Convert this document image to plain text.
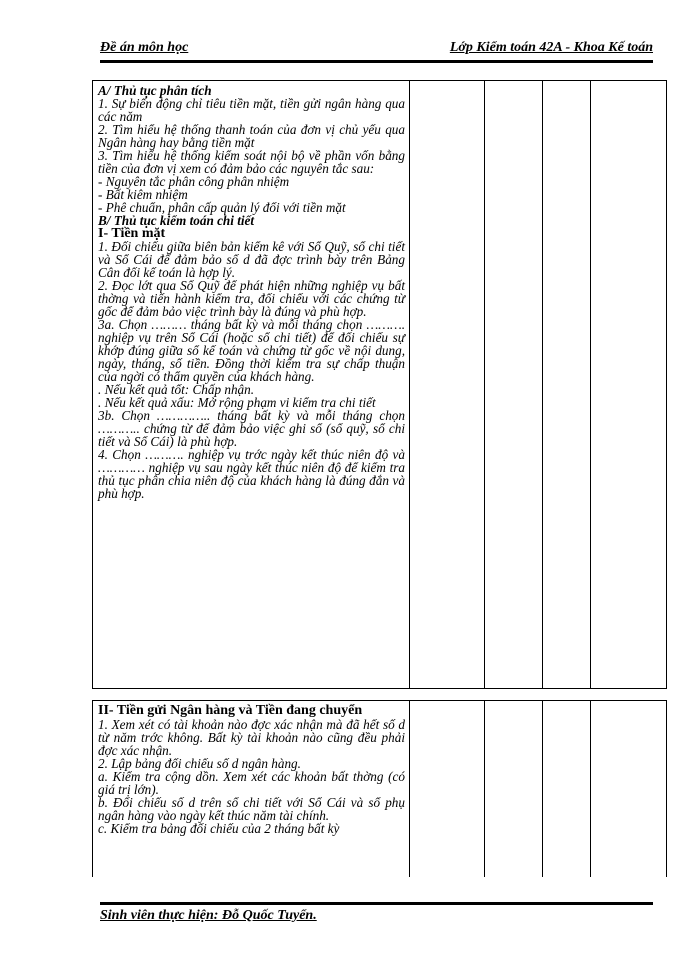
Đề án môn học	Lớp Kiểm toán 42A - Khoa Kế toán

A/ Thủ tục phân tích

1. Sự biến động chỉ tiêu tiền mặt, tiền gửi ngân hàng qua các năm

2. Tìm hiểu hệ thống thanh toán của đơn vị chủ yếu qua Ngân hàng hay bằng tiền mặt

3. Tìm hiểu hệ thống kiểm soát nội bộ về phần vốn bằng tiền của đơn vị xem có đảm bảo các nguyên tắc sau:

- Nguyên tắc phân công phân nhiệm

- Bất kiêm nhiệm

- Phê chuẩn, phân cấp quản lý đối với tiền mặt

B/ Thủ tục kiểm toán chi tiết

I- Tiền mặt

1. Đối chiếu giữa biên bản kiểm kê với Sổ Quỹ, sổ chi tiết và Sổ Cái để đảm bảo số d đã đợc trình bày trên Bảng Cân đối kế toán là hợp lý.

2. Đọc lớt qua Sổ Quỹ để phát hiện những nghiệp vụ bất thờng và tiến hành kiểm tra, đối chiếu với các chứng từ gốc để đảm bảo việc trình bày là đúng và phù hợp.

3a. Chọn ……… tháng bất kỳ và mỗi tháng chọn ………. nghiệp vụ trên Sổ Cái (hoặc sổ chi tiết) để đối chiếu sự khớp đúng giữa sổ kế toán và chứng từ gốc về nội dung, ngày, tháng, số tiền. Đồng thời kiểm tra sự chấp thuận của ngời có thẩm quyền của khách hàng.

. Nếu kết quả tốt: Chấp nhận.

. Nếu kết quả xấu: Mở rộng phạm vi kiểm tra chi tiết

3b. Chọn ………….. tháng bất kỳ và mỗi tháng chọn ……….. chứng từ để đảm bảo việc ghi sổ (sổ quỹ, sổ chi tiết và Sổ Cái) là phù hợp.

4. Chọn ………. nghiệp vụ trớc ngày kết thúc niên độ và ………… nghiệp vụ sau ngày kết thúc niên độ để kiểm tra thủ tục phân chia niên độ của khách hàng là đúng đắn và phù hợp.

II- Tiền gửi Ngân hàng và Tiền đang chuyển

1. Xem xét có tài khoản nào đợc xác nhận mà đã hết số d từ năm trớc không. Bất kỳ tài khoản nào cũng đều phải đợc xác nhận.

2. Lập bảng đối chiếu số d ngân hàng.

a. Kiểm tra cộng dồn. Xem xét các khoản bất thờng (có giá trị lớn).

b. Đối chiếu số d trên sổ chi tiết với Sổ Cái và sổ phụ ngân hàng vào ngày kết thúc năm tài chính.

c. Kiểm tra bảng đối chiếu của 2 tháng bất kỳ

Sinh viên thực hiện: Đỗ Quốc Tuyển.
